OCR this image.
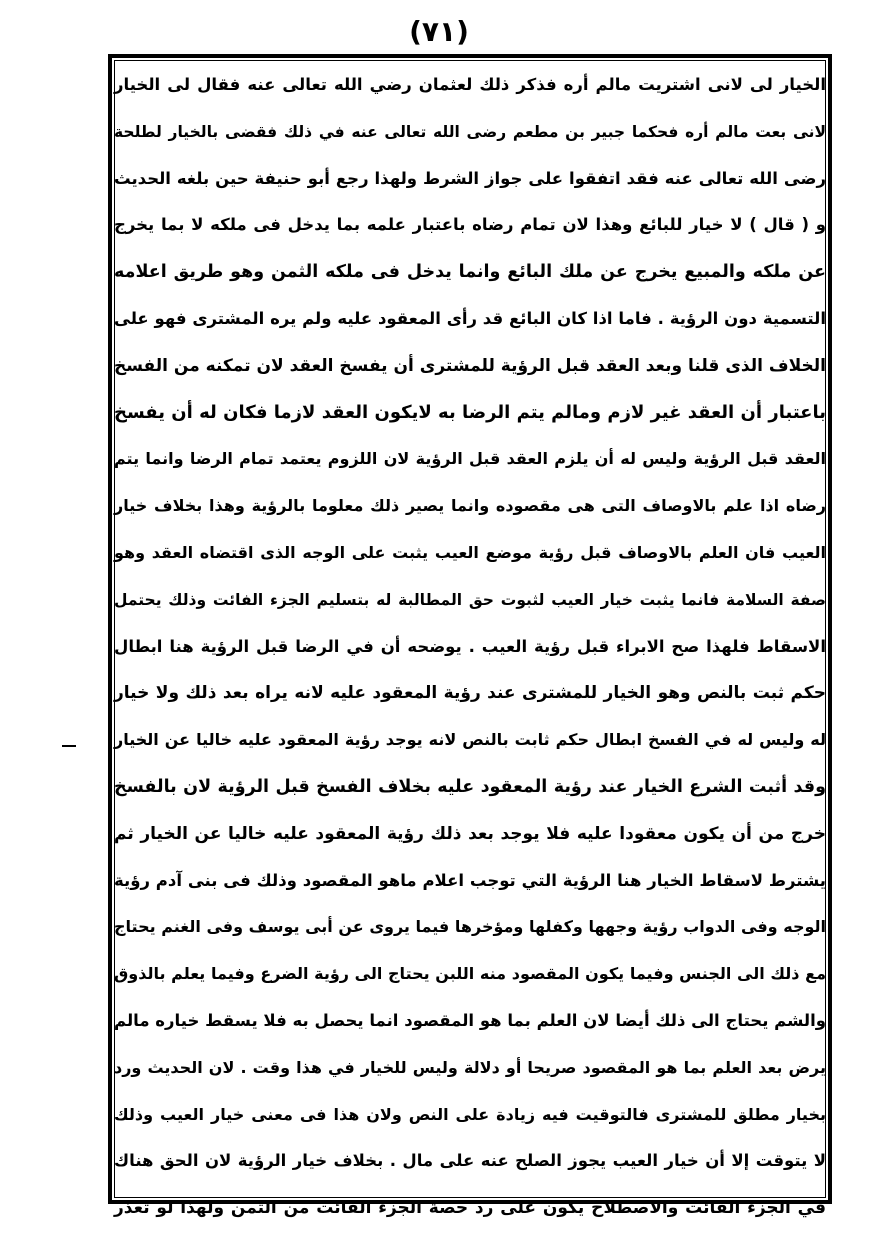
(٧١)
الخيار لى لانى اشتريت مالم أره فذكر ذلك لعثمان رضي الله تعالى عنه فقال لى الخيار
لانى بعت مالم أره فحكما جبير بن مطعم رضى الله تعالى عنه في ذلك فقضى بالخيار لطلحة
رضى الله تعالى عنه فقد اتفقوا على جواز الشرط ولهذا رجع أبو حنيفة حين بلغه الحديث
و ( قال ) لا خيار للبائع وهذا لان تمام رضاه باعتبار علمه بما يدخل فى ملكه لا بما يخرج
عن ملكه والمبيع يخرج عن ملك البائع وانما يدخل فى ملكه الثمن وهو طريق اعلامه
التسمية دون الرؤية . فاما اذا كان البائع قد رأى المعقود عليه ولم يره المشترى فهو على
الخلاف الذى قلنا وبعد العقد قبل الرؤية للمشترى أن يفسخ العقد لان تمكنه من الفسخ
باعتبار أن العقد غير لازم ومالم يتم الرضا به لايكون العقد لازما فكان له أن يفسخ
العقد قبل الرؤية وليس له أن يلزم العقد قبل الرؤية لان اللزوم يعتمد تمام الرضا وانما يتم
رضاه اذا علم بالاوصاف التى هى مقصوده وانما يصير ذلك معلوما بالرؤية وهذا بخلاف خيار
العيب فان العلم بالاوصاف قبل رؤية موضع العيب يثبت على الوجه الذى اقتضاه العقد وهو
صفة السلامة فانما يثبت خيار العيب لثبوت حق المطالبة له بتسليم الجزء الفائت وذلك يحتمل
الاسقاط فلهذا صح الابراء قبل رؤية العيب . يوضحه أن في الرضا قبل الرؤية هنا ابطال
حكم ثبت بالنص وهو الخيار للمشترى عند رؤية المعقود عليه لانه يراه بعد ذلك ولا خيار
له وليس له في الفسخ ابطال حكم ثابت بالنص لانه يوجد رؤية المعقود عليه خاليا عن الخيار
وقد أثبت الشرع الخيار عند رؤية المعقود عليه بخلاف الفسخ قبل الرؤية لان بالفسخ
خرج من أن يكون معقودا عليه فلا يوجد بعد ذلك رؤية المعقود عليه خاليا عن الخيار ثم
يشترط لاسقاط الخيار هنا الرؤية التي توجب اعلام ماهو المقصود وذلك فى بنى آدم رؤية
الوجه وفى الدواب رؤية وجهها وكفلها ومؤخرها فيما يروى عن أبى يوسف وفى الغنم يحتاج
مع ذلك الى الجنس وفيما يكون المقصود منه اللبن يحتاج الى رؤية الضرع وفيما يعلم بالذوق
والشم يحتاج الى ذلك أيضا لان العلم بما هو المقصود انما يحصل به فلا يسقط خياره مالم
يرض بعد العلم بما هو المقصود صريحا أو دلالة وليس للخيار في هذا وقت . لان الحديث ورد
بخيار مطلق للمشترى فالتوقيت فيه زيادة على النص ولان هذا فى معنى خيار العيب وذلك
لا يتوقت إلا أن خيار العيب يجوز الصلح عنه على مال . بخلاف خيار الرؤية لان الحق هناك
في الجزء الفائت والاصطلاح يكون على رد حصة الجزء الفائت من الثمن ولهذا لو تعذر
